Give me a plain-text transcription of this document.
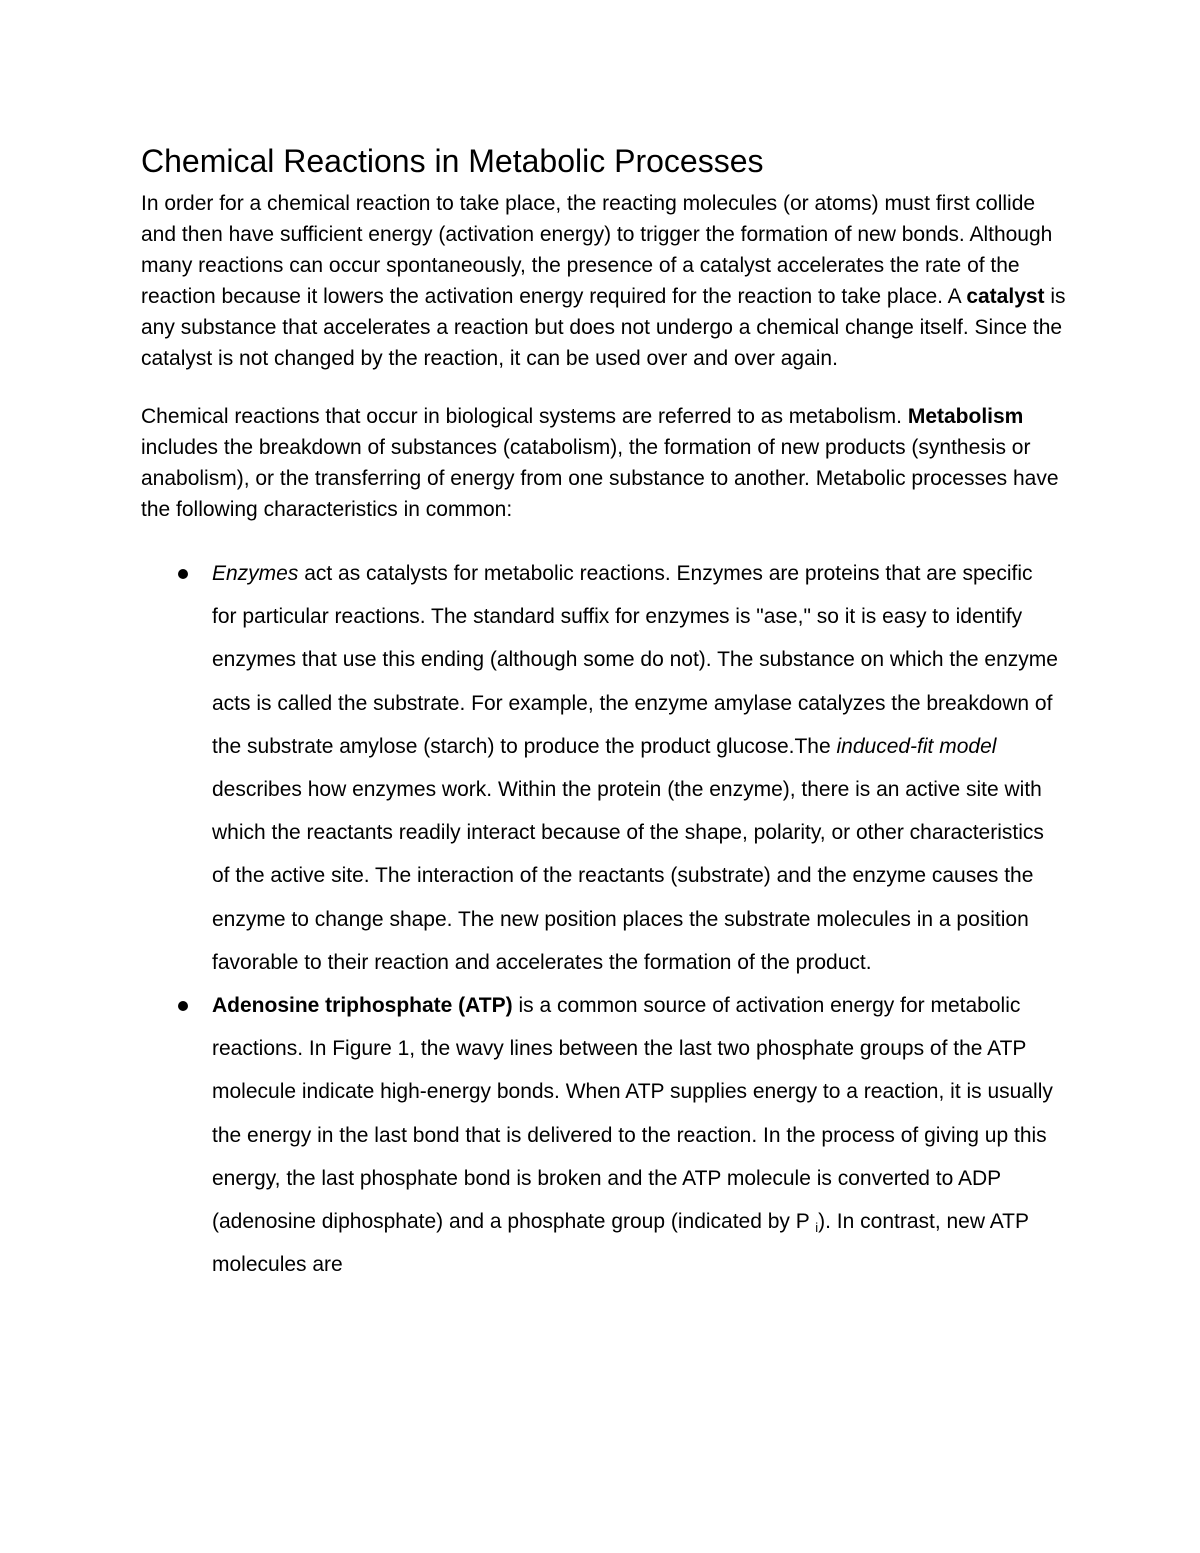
Chemical Reactions in Metabolic Processes

In order for a chemical reaction to take place, the reacting molecules (or atoms) must first collide and then have sufficient energy (activation energy) to trigger the formation of new bonds. Although many reactions can occur spontaneously, the presence of a catalyst accelerates the rate of the reaction because it lowers the activation energy required for the reaction to take place. A catalyst is any substance that accelerates a reaction but does not undergo a chemical change itself. Since the catalyst is not changed by the reaction, it can be used over and over again.

Chemical reactions that occur in biological systems are referred to as metabolism. Metabolism includes the breakdown of substances (catabolism), the formation of new products (synthesis or anabolism), or the transferring of energy from one substance to another. Metabolic processes have the following characteristics in common:

Enzymes act as catalysts for metabolic reactions. Enzymes are proteins that are specific for particular reactions. The standard suffix for enzymes is "ase," so it is easy to identify enzymes that use this ending (although some do not). The substance on which the enzyme acts is called the substrate. For example, the enzyme amylase catalyzes the breakdown of the substrate amylose (starch) to produce the product glucose.The induced-fit model describes how enzymes work. Within the protein (the enzyme), there is an active site with which the reactants readily interact because of the shape, polarity, or other characteristics of the active site. The interaction of the reactants (substrate) and the enzyme causes the enzyme to change shape. The new position places the substrate molecules in a position favorable to their reaction and accelerates the formation of the product.
Adenosine triphosphate (ATP) is a common source of activation energy for metabolic reactions. In Figure 1, the wavy lines between the last two phosphate groups of the ATP molecule indicate high-energy bonds. When ATP supplies energy to a reaction, it is usually the energy in the last bond that is delivered to the reaction. In the process of giving up this energy, the last phosphate bond is broken and the ATP molecule is converted to ADP (adenosine diphosphate) and a phosphate group (indicated by P $_i$). In contrast, new ATP molecules are
